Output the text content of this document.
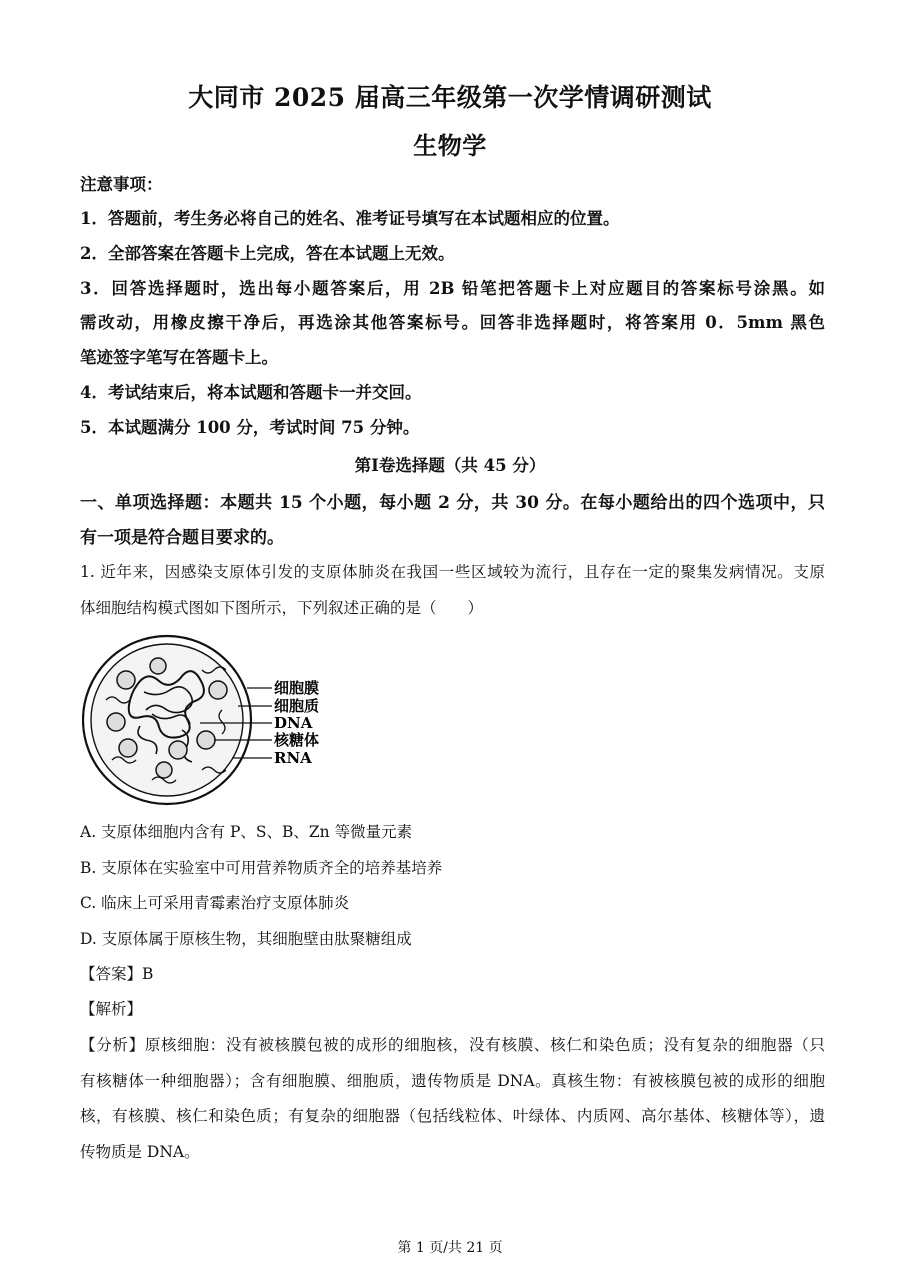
大同市 2025 届高三年级第一次学情调研测试
生物学
注意事项：
1．答题前，考生务必将自己的姓名、准考证号填写在本试题相应的位置。
2．全部答案在答题卡上完成，答在本试题上无效。
3．回答选择题时，选出每小题答案后，用 2B 铅笔把答题卡上对应题目的答案标号涂黑。如
需改动，用橡皮擦干净后，再选涂其他答案标号。回答非选择题时，将答案用 0．5mm 黑色
笔迹签字笔写在答题卡上。
4．考试结束后，将本试题和答题卡一并交回。
5．本试题满分 100 分，考试时间 75 分钟。
第Ⅰ卷选择题（共 45 分）
一、单项选择题：本题共 15 个小题，每小题 2 分，共 30 分。在每小题给出的四个选项中，只
有一项是符合题目要求的。
1. 近年来，因感染支原体引发的支原体肺炎在我国一些区域较为流行，且存在一定的聚集发病情况。支原
体细胞结构模式图如下图所示，下列叙述正确的是（　　）
细胞膜
细胞质
DNA
核糖体
RNA
A. 支原体细胞内含有 P、S、B、Zn 等微量元素
B. 支原体在实验室中可用营养物质齐全的培养基培养
C. 临床上可采用青霉素治疗支原体肺炎
D. 支原体属于原核生物，其细胞壁由肽聚糖组成
【答案】B
【解析】
【分析】原核细胞：没有被核膜包被的成形的细胞核，没有核膜、核仁和染色质；没有复杂的细胞器（只
有核糖体一种细胞器）；含有细胞膜、细胞质，遗传物质是 DNA。真核生物：有被核膜包被的成形的细胞
核，有核膜、核仁和染色质；有复杂的细胞器（包括线粒体、叶绿体、内质网、高尔基体、核糖体等），遗
传物质是 DNA。
第 1 页/共 21 页
